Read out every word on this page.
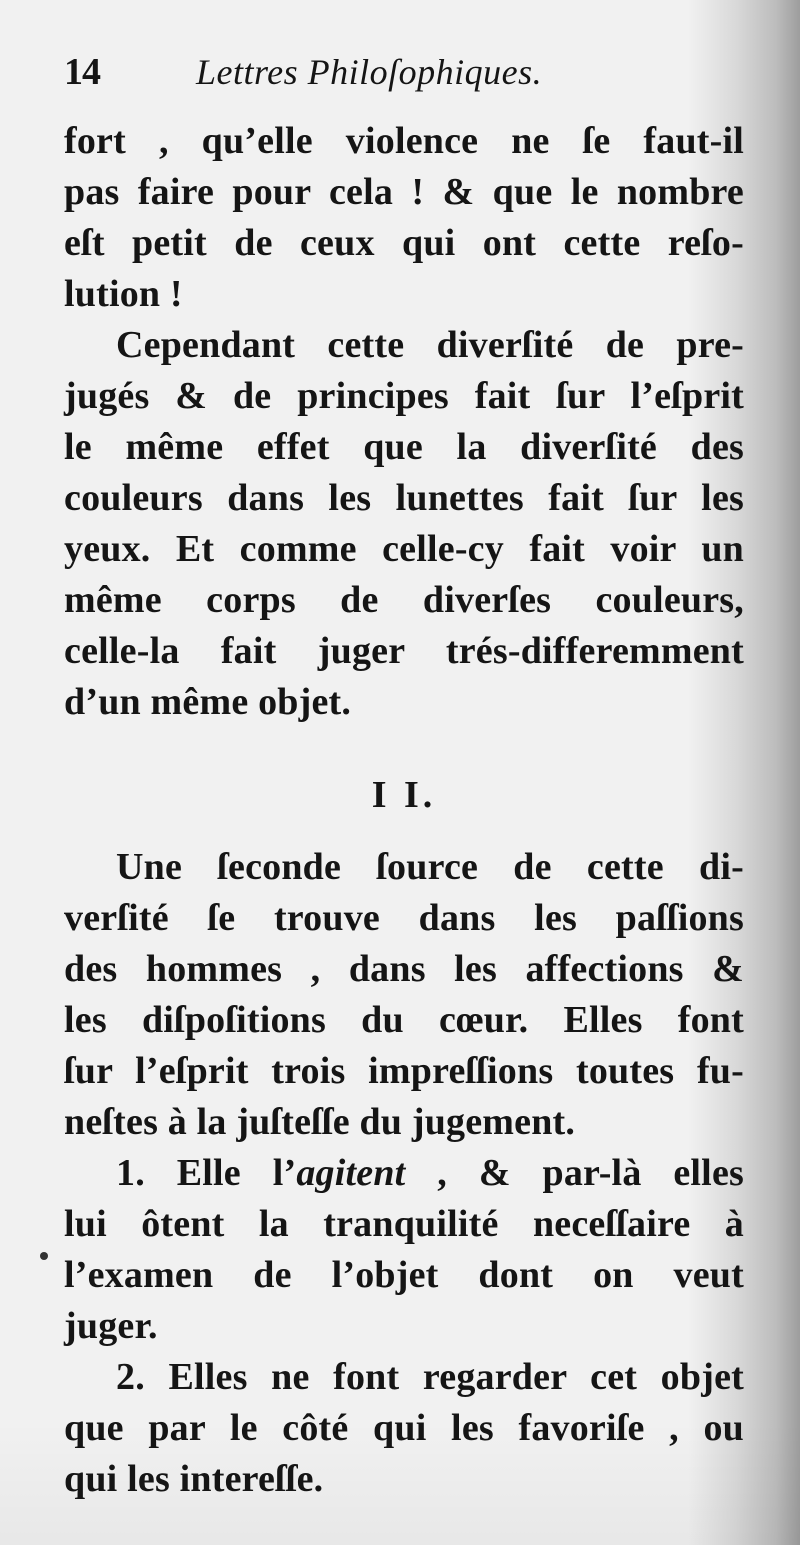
14	Lettres Philoſophiques.

fort , qu’elle violence ne ſe faut-il
pas faire pour cela ! & que le nombre
eſt petit de ceux qui ont cette reſo-
lution !

Cependant cette diverſité de pre-
jugés & de principes fait ſur l’eſprit
le même effet que la diverſité des
couleurs dans les lunettes fait ſur les
yeux. Et comme celle-cy fait voir un
même corps de diverſes couleurs,
celle-la fait juger trés-differemment
d’un même objet.

I I.

Une ſeconde ſource de cette di-
verſité ſe trouve dans les paſſions
des hommes , dans les affections &
les diſpoſitions du cœur. Elles font
ſur l’eſprit trois impreſſions toutes fu-
neſtes à la juſteſſe du jugement.

1. Elle l’agitent , & par-là elles
lui ôtent la tranquilité neceſſaire à
l’examen de l’objet dont on veut
juger.

2. Elles ne font regarder cet objet
que par le côté qui les favoriſe , ou
qui les intereſſe.
